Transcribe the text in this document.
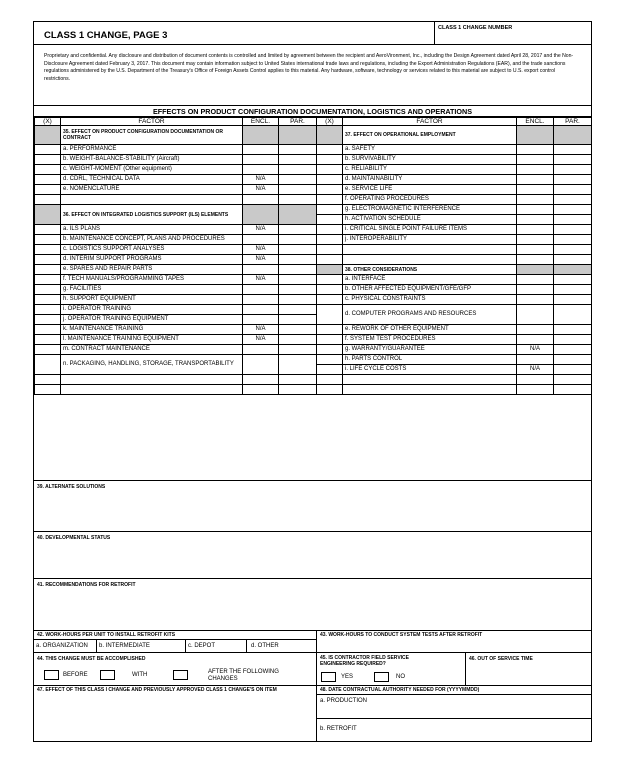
CLASS 1 CHANGE, PAGE 3
CLASS 1 CHANGE NUMBER
Proprietary and confidential. Any disclosure and distribution of document contents is controlled and limited by agreement between the recipient and AeroVironment, Inc., including the Design Agreement dated April 28, 2017 and the Non-Disclosure Agreement dated February 3, 2017. This document may contain information subject to United States international trade laws and regulations, including the Export Administration Regulations (EAR), and the trade sanctions regulations administered by the U.S. Department of the Treasury's Office of Foreign Assets Control applies to this material. Any hardware, software, technology or services related to this material are subject to U.S. export control restrictions.
EFFECTS ON PRODUCT CONFIGURATION DOCUMENTATION, LOGISTICS AND OPERATIONS
(X)	FACTOR	ENCL.	PAR.	(X)	FACTOR	ENCL.	PAR.

	35. EFFECT ON PRODUCT CONFIGURATION DOCUMENTATION OR CONTRACT				37. EFFECT ON OPERATIONAL EMPLOYMENT		

	a. PERFORMANCE				a. SAFETY		
	b. WEIGHT-BALANCE-STABILITY (Aircraft)				b. SURVIVABILITY		
	c. WEIGHT-MOMENT (Other equipment)				c. RELIABILITY		
	d. CDRL, TECHNICAL DATA	N/A			d. MAINTAINABILITY		
	e. NOMENCLATURE	N/A			e. SERVICE LIFE		
					f. OPERATING PROCEDURES		

	36. EFFECT ON INTEGRATED LOGISTICS SUPPORT (ILS) ELEMENTS				g. ELECTROMAGNETIC INTERFERENCE		
					h. ACTIVATION SCHEDULE		
	a. ILS PLANS	N/A			i. CRITICAL SINGLE POINT FAILURE ITEMS		
	b. MAINTENANCE CONCEPT, PLANS AND PROCEDURES						
					j. INTEROPERABILITY		
	c. LOGISTICS SUPPORT ANALYSES	N/A					
	d. INTERIM SUPPORT PROGRAMS	N/A					
	e. SPARES AND REPAIR PARTS				38. OTHER CONSIDERATIONS		

	f. TECH MANUALS/PROGRAMMING TAPES	N/A			a. INTERFACE		
	g. FACILITIES				b. OTHER AFFECTED EQUIPMENT/GFE/GFP		
	h. SUPPORT EQUIPMENT				c. PHYSICAL CONSTRAINTS		
	i. OPERATOR TRAINING				d. COMPUTER PROGRAMS AND RESOURCES		
	j. OPERATOR TRAINING EQUIPMENT						
	k. MAINTENANCE TRAINING	N/A			e. REWORK OF OTHER EQUIPMENT		
	l. MAINTENANCE TRAINING EQUIPMENT	N/A			f. SYSTEM TEST PROCEDURES		
	m. CONTRACT MAINTENANCE				g. WARRANTY/GUARANTEE	N/A	
	n. PACKAGING, HANDLING, STORAGE, TRANSPORTABILITY				h. PARTS CONTROL		
					i. LIFE CYCLE COSTS	N/A	

39. ALTERNATE SOLUTIONS
40. DEVELOPMENTAL STATUS
41. RECOMMENDATIONS FOR RETROFIT
42. WORK-HOURS PER UNIT TO INSTALL RETROFIT KITS
a. ORGANIZATION b. INTERMEDIATE	c. DEPOT	d. OTHER
43. WORK-HOURS TO CONDUCT SYSTEM TESTS AFTER RETROFIT
44. THIS CHANGE MUST BE ACCOMPLISHED
BEFORE	WITH	AFTER THE FOLLOWING CHANGES
45. IS CONTRACTOR FIELD SERVICE ENGINEERING REQUIRED?
YES	NO
46. OUT OF SERVICE TIME
47. EFFECT OF THIS CLASS I CHANGE AND PREVIOUSLY APPROVED CLASS 1 CHANGE'S ON ITEM	48. DATE CONTRACTUAL AUTHORITY NEEDED FOR (YYYYMMDD)
a. PRODUCTION
b. RETROFIT
